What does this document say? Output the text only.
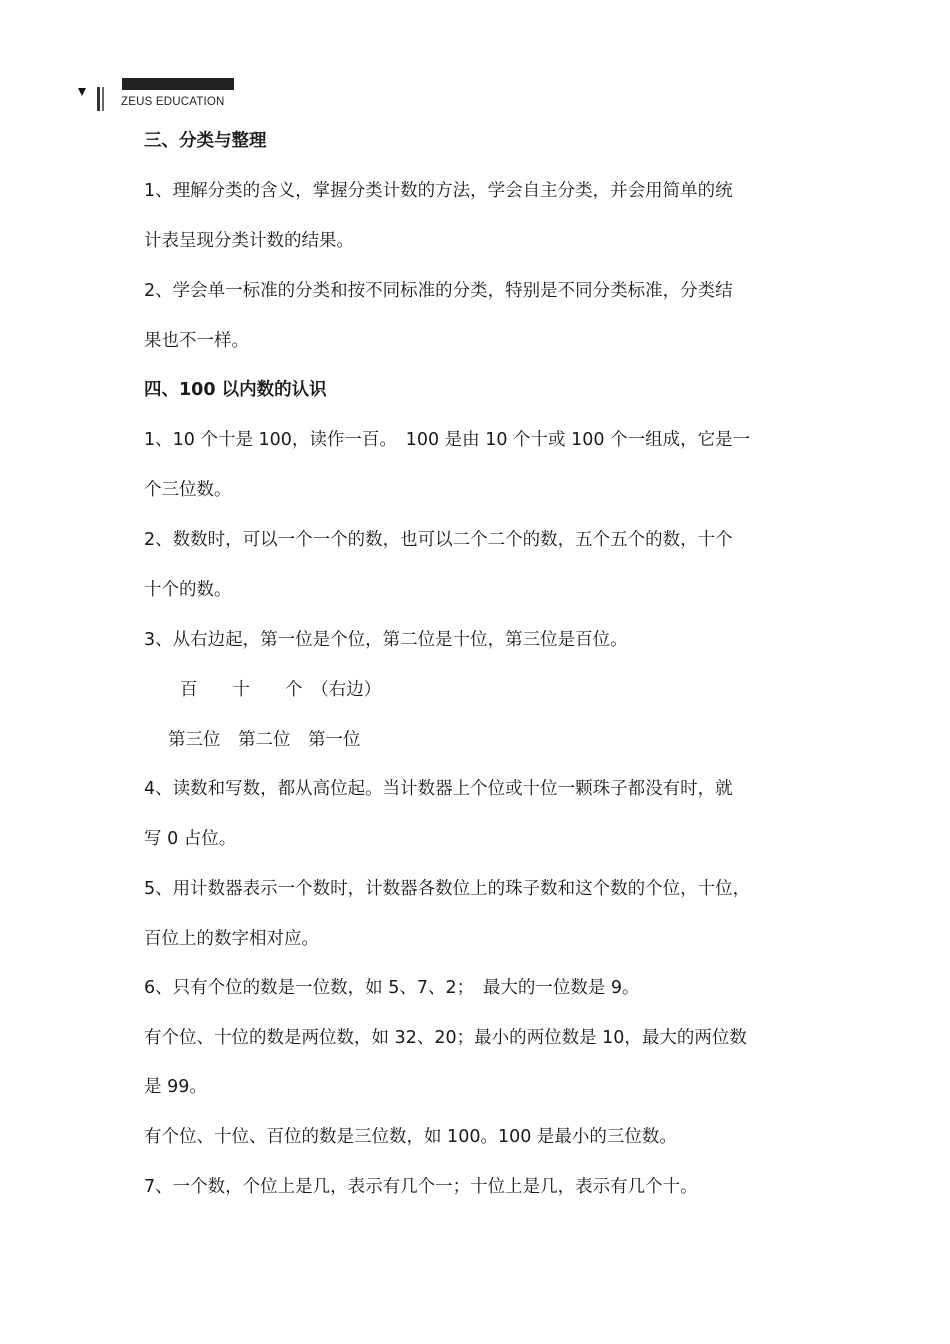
ZEUS EDUCATION
三、分类与整理
1、理解分类的含义，掌握分类计数的方法，学会自主分类，并会用简单的统
计表呈现分类计数的结果。
2、学会单一标准的分类和按不同标准的分类，特别是不同分类标准，分类结
果也不一样。
四、100 以内数的认识
1、10 个十是 100，读作一百。　100 是由 10 个十或 100 个一组成，它是一
个三位数。
2、数数时，可以一个一个的数，也可以二个二个的数，五个五个的数，十个
十个的数。
3、从右边起，第一位是个位，第二位是十位，第三位是百位。
百　　十　　个　（右边）
第三位　第二位　第一位
4、读数和写数，都从高位起。当计数器上个位或十位一颗珠子都没有时，就
写 0 占位。
5、用计数器表示一个数时，计数器各数位上的珠子数和这个数的个位，十位，
百位上的数字相对应。
6、只有个位的数是一位数，如 5、7、2；　最大的一位数是 9。
有个位、十位的数是两位数，如 32、20；最小的两位数是 10，最大的两位数
是 99。
有个位、十位、百位的数是三位数，如 100。100 是最小的三位数。
7、一个数，个位上是几，表示有几个一；十位上是几，表示有几个十。
